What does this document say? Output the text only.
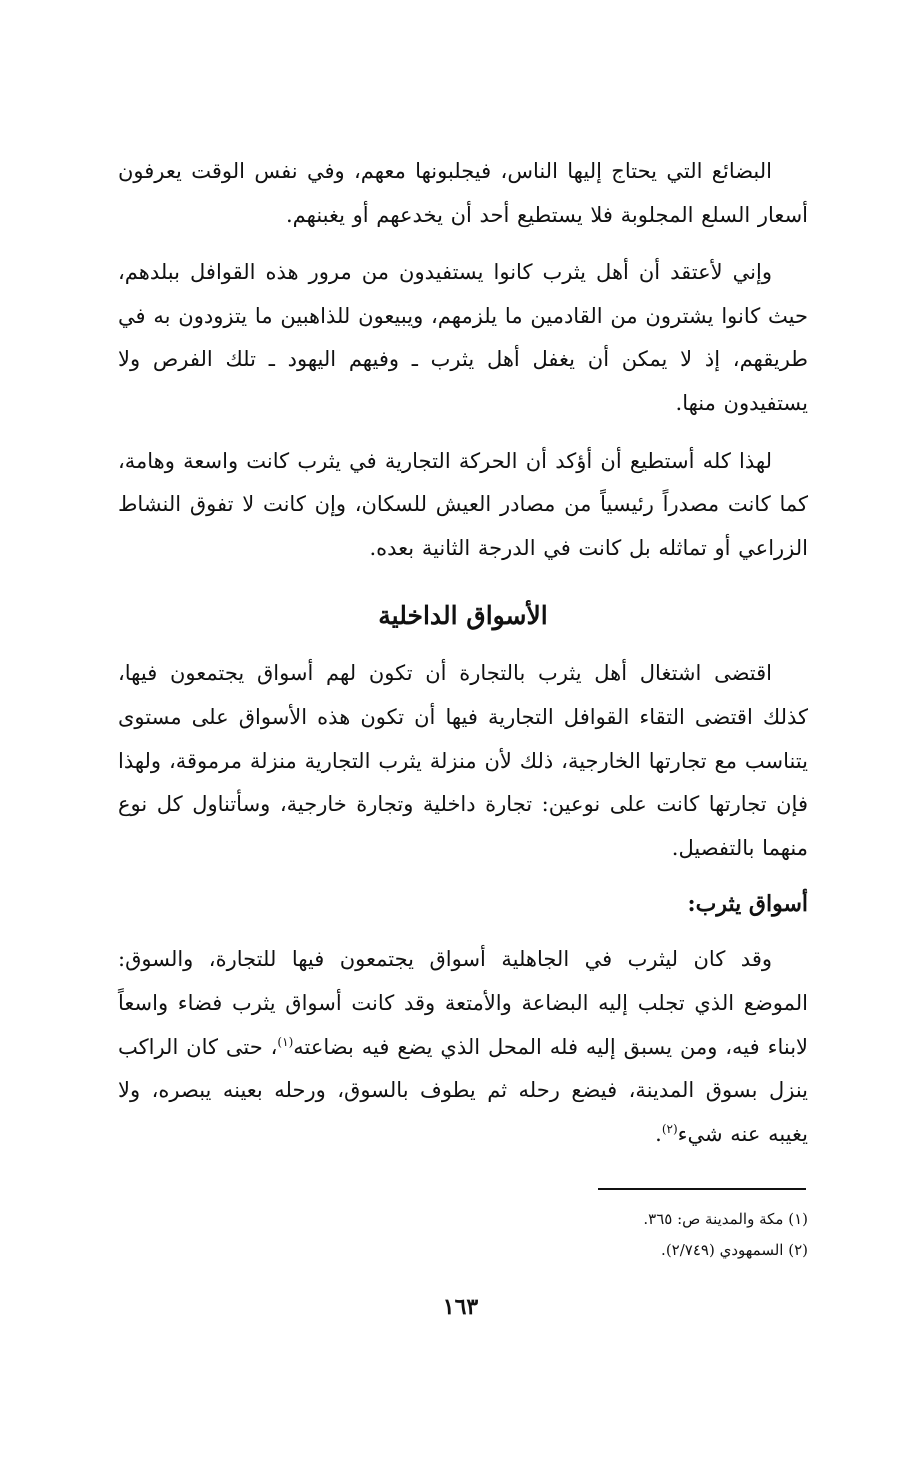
البضائع التي يحتاج إليها الناس، فيجلبونها معهم، وفي نفس الوقت يعرفون أسعار السلع المجلوبة فلا يستطيع أحد أن يخدعهم أو يغبنهم.

وإني لأعتقد أن أهل يثرب كانوا يستفيدون من مرور هذه القوافل ببلدهم، حيث كانوا يشترون من القادمين ما يلزمهم، ويبيعون للذاهبين ما يتزودون به في طريقهم، إذ لا يمكن أن يغفل أهل يثرب ـ وفيهم اليهود ـ تلك الفرص ولا يستفيدون منها.

لهذا كله أستطيع أن أؤكد أن الحركة التجارية في يثرب كانت واسعة وهامة، كما كانت مصدراً رئيسياً من مصادر العيش للسكان، وإن كانت لا تفوق النشاط الزراعي أو تماثله بل كانت في الدرجة الثانية بعده.

الأسواق الداخلية

اقتضى اشتغال أهل يثرب بالتجارة أن تكون لهم أسواق يجتمعون فيها، كذلك اقتضى التقاء القوافل التجارية فيها أن تكون هذه الأسواق على مستوى يتناسب مع تجارتها الخارجية، ذلك لأن منزلة يثرب التجارية منزلة مرموقة، ولهذا فإن تجارتها كانت على نوعين: تجارة داخلية وتجارة خارجية، وسأتناول كل نوع منهما بالتفصيل.

أسواق يثرب:

وقد كان ليثرب في الجاهلية أسواق يجتمعون فيها للتجارة، والسوق: الموضع الذي تجلب إليه البضاعة والأمتعة وقد كانت أسواق يثرب فضاء واسعاً لابناء فيه، ومن يسبق إليه فله المحل الذي يضع فيه بضاعته$^{(١)}$، حتى كان الراكب ينزل بسوق المدينة، فيضع رحله ثم يطوف بالسوق، ورحله بعينه يبصره، ولا يغيبه عنه شيء$^{(٢)}$.

(١) مكة والمدينة ص: ٣٦٥.

(٢) السمهودي (٢/٧٤٩).

١٦٣
